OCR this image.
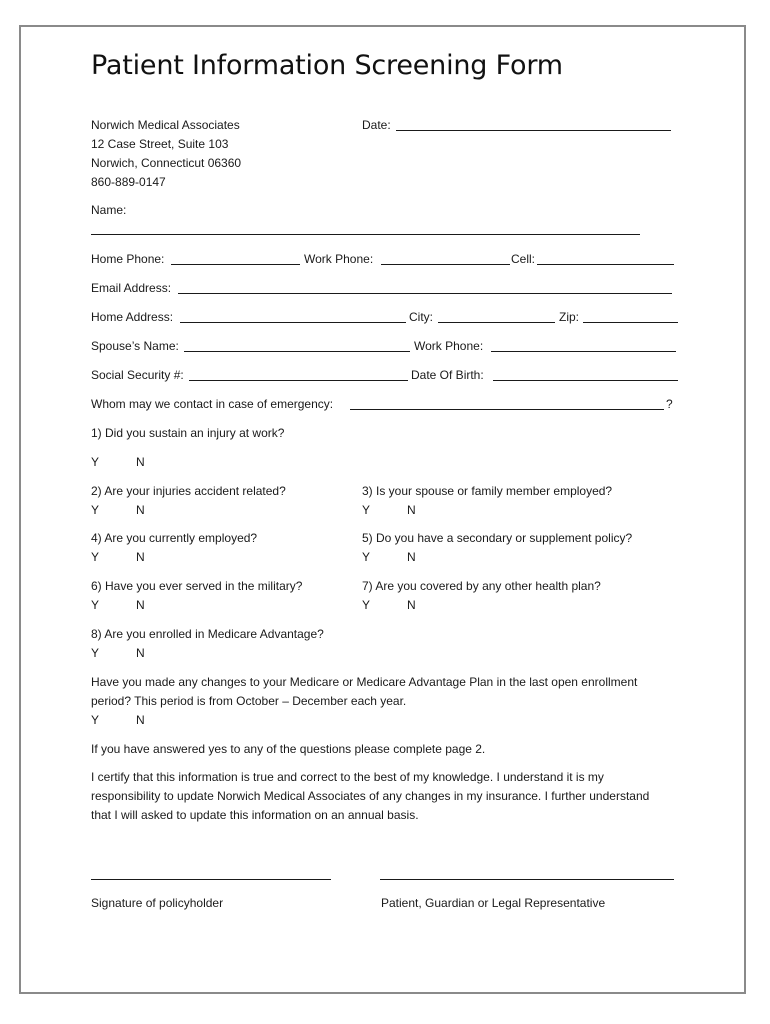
Patient Information Screening Form
Norwich Medical Associates
12 Case Street, Suite 103
Norwich, Connecticut 06360
860-889-0147
Date:
Name:
Home Phone:	Work Phone:	Cell:
Email Address:
Home Address:	City:	Zip:
Spouse’s Name:	Work Phone:
Social Security #:	Date Of Birth:
Whom may we contact in case of emergency:	?
1) Did you sustain an injury at work?
Y	N
2) Are your injuries accident related?
Y	N
3) Is your spouse or family member employed?
Y	N
4) Are you currently employed?
Y	N
5) Do you have a secondary or supplement policy?
Y	N
6) Have you ever served in the military?
Y	N
7) Are you covered by any other health plan?
Y	N
8) Are you enrolled in Medicare Advantage?
Y	N
Have you made any changes to your Medicare or Medicare Advantage Plan in the last open enrollment period? This period is from October – December each year.
Y	N
If you have answered yes to any of the questions please complete page 2.
I certify that this information is true and correct to the best of my knowledge. I understand it is my responsibility to update Norwich Medical Associates of any changes in my insurance. I further understand that I will asked to update this information on an annual basis.
Signature of policyholder	Patient, Guardian or Legal Representative
